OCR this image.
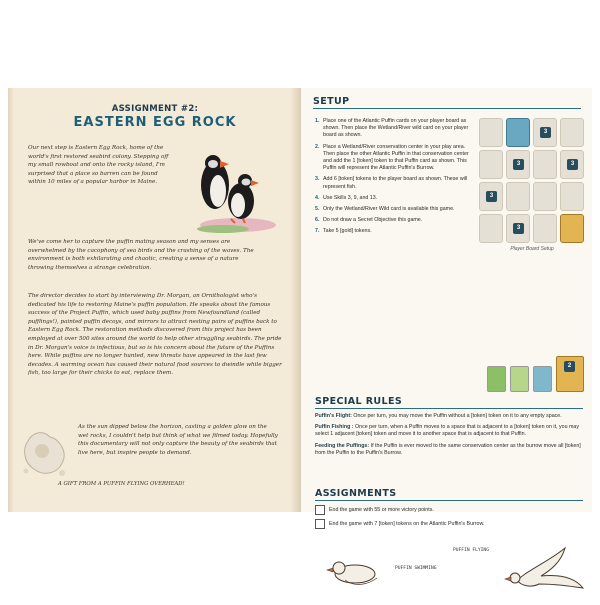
ASSIGNMENT #2:
EASTERN EGG ROCK

Our next step is Eastern Egg Rock, home of the world's first restored seabird colony. Stepping off my small rowboat and onto the rocky island, I'm surprised that a place so barren can be found within 10 miles of a popular harbor in Maine.

We've come her to capture the puffin mating season and my senses are overwhelmed by the cacophony of sea birds and the crashing of the waves. The environment is both exhilarating and chaotic, creating a sense of a nature throwing themselves a strange celebration.

The director decides to start by interviewing Dr. Morgan, an Ornithologist who's dedicated his life to restoring Maine's puffin population. He speaks about the famous success of the Project Puffin, which used baby puffins from Newfoundland (called pufflings!), painted puffin decoys, and mirrors to attract nesting pairs of puffins back to Eastern Egg Rock. The restoration methods discovered from this project has been employed at over 500 sites around the world to help other struggling seabirds. The pride in Dr. Morgan's voice is infectious, but so is his concern about the future of the Puffins here. While puffins are no longer hunted, new threats have appeared in the last few decades. A warming ocean has caused their natural food sources to dwindle while bigger fish, too large for their chicks to eat, replace them.

As the sun dipped below the horizon, casting a golden glow on the wet rocks, I couldn't help but think of what we filmed today. Hopefully this documentary will not only capture the beauty of the seabirds that live here, but inspire people to demand.

A GIFT FROM A PUFFIN FLYING OVERHEAD!
SETUP
1. Place one of the Atlantic Puffin cards on your player board as shown. Then place the Wetland/River wild card on your player board as shown.
2. Place a Wetland/River conservation center in your play area. Then place the other Atlantic Puffin in that conservation center and add the 1 [token] token to that Puffin card as shown. This Puffin will represent the Atlantic Puffin's Burrow.
3. Add 6 [token] tokens to the player board as shown. These will represent fish.
4. Use Skills 3, 9, and 13.
5. Only the Wetland/River Wild card is available this game.
6. Do not draw a Secret Objective this game.
7. Take 5 [gold] tokens.
3
3	3
3
3
Player Board Setup
2
SPECIAL RULES
Puffin's Flight: Once per turn, you may move the Puffin without a [token] token on it to any empty space.
Puffin Fishing : Once per turn, when a Puffin moves to a space that is adjacent to a [token] token on it, you may select 1 adjacent [token] token and move it to another space that is adjacent to that Puffin.
Feeding the Puffings: If the Puffin is ever moved to the same conservation center as the burrow move all [token] from the Puffin to the Puffin's Burrow.
ASSIGNMENTS
End the game with 55 or more victory points.
End the game with 7 [token] tokens on the Atlantic Puffin's Burrow.
PUFFIN SWIMMING
PUFFIN FLYING
